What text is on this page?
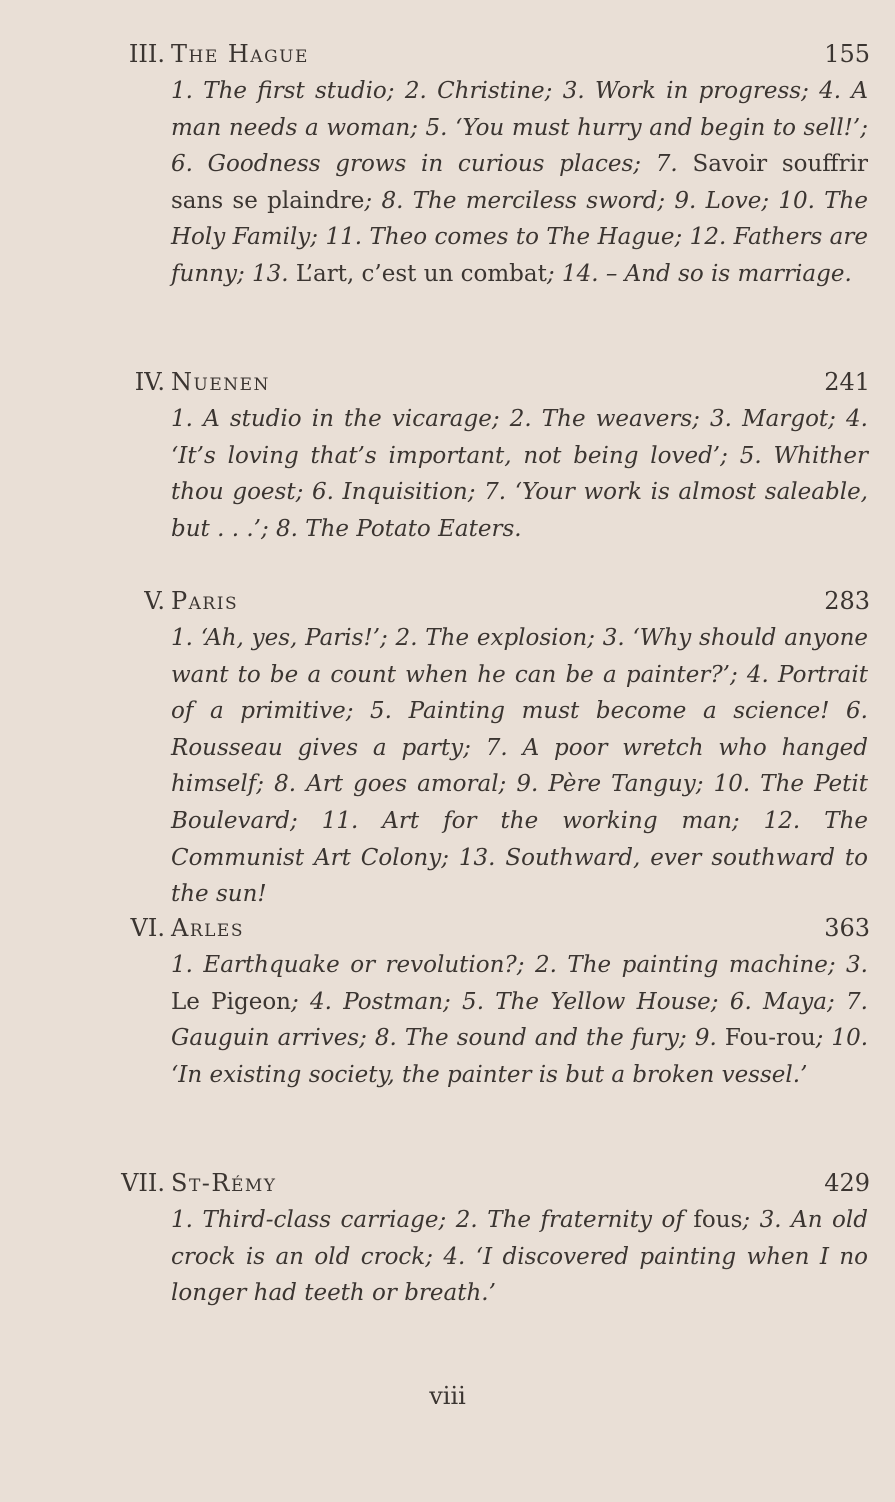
III. The Hague	155
1. The first studio; 2. Christine; 3. Work in progress; 4. A man needs a woman; 5. ‘You must hurry and begin to sell!’; 6. Goodness grows in curious places; 7. Savoir souffrir sans se plaindre; 8. The merciless sword; 9. Love; 10. The Holy Family; 11. Theo comes to The Hague; 12. Fathers are funny; 13. L’art, c’est un combat; 14. – And so is marriage.
IV. Nuenen	241
1. A studio in the vicarage; 2. The weavers; 3. Margot; 4. ‘It’s loving that’s important, not being loved’; 5. Whither thou goest; 6. Inquisition; 7. ‘Your work is almost saleable, but . . .’; 8. The Potato Eaters.
V. Paris	283
1. ‘Ah, yes, Paris!’; 2. The explosion; 3. ‘Why should anyone want to be a count when he can be a painter?’; 4. Portrait of a primitive; 5. Painting must become a science! 6. Rousseau gives a party; 7. A poor wretch who hanged himself; 8. Art goes amoral; 9. Père Tanguy; 10. The Petit Boulevard; 11. Art for the working man; 12. The Communist Art Colony; 13. Southward, ever southward to the sun!
VI. Arles	363
1. Earthquake or revolution?; 2. The painting machine; 3. Le Pigeon; 4. Postman; 5. The Yellow House; 6. Maya; 7. Gauguin arrives; 8. The sound and the fury; 9. Fou-rou; 10. ‘In existing society, the painter is but a broken vessel.’
VII. St-Rémy	429
1. Third-class carriage; 2. The fraternity of fous; 3. An old crock is an old crock; 4. ‘I discovered painting when I no longer had teeth or breath.’
viii
